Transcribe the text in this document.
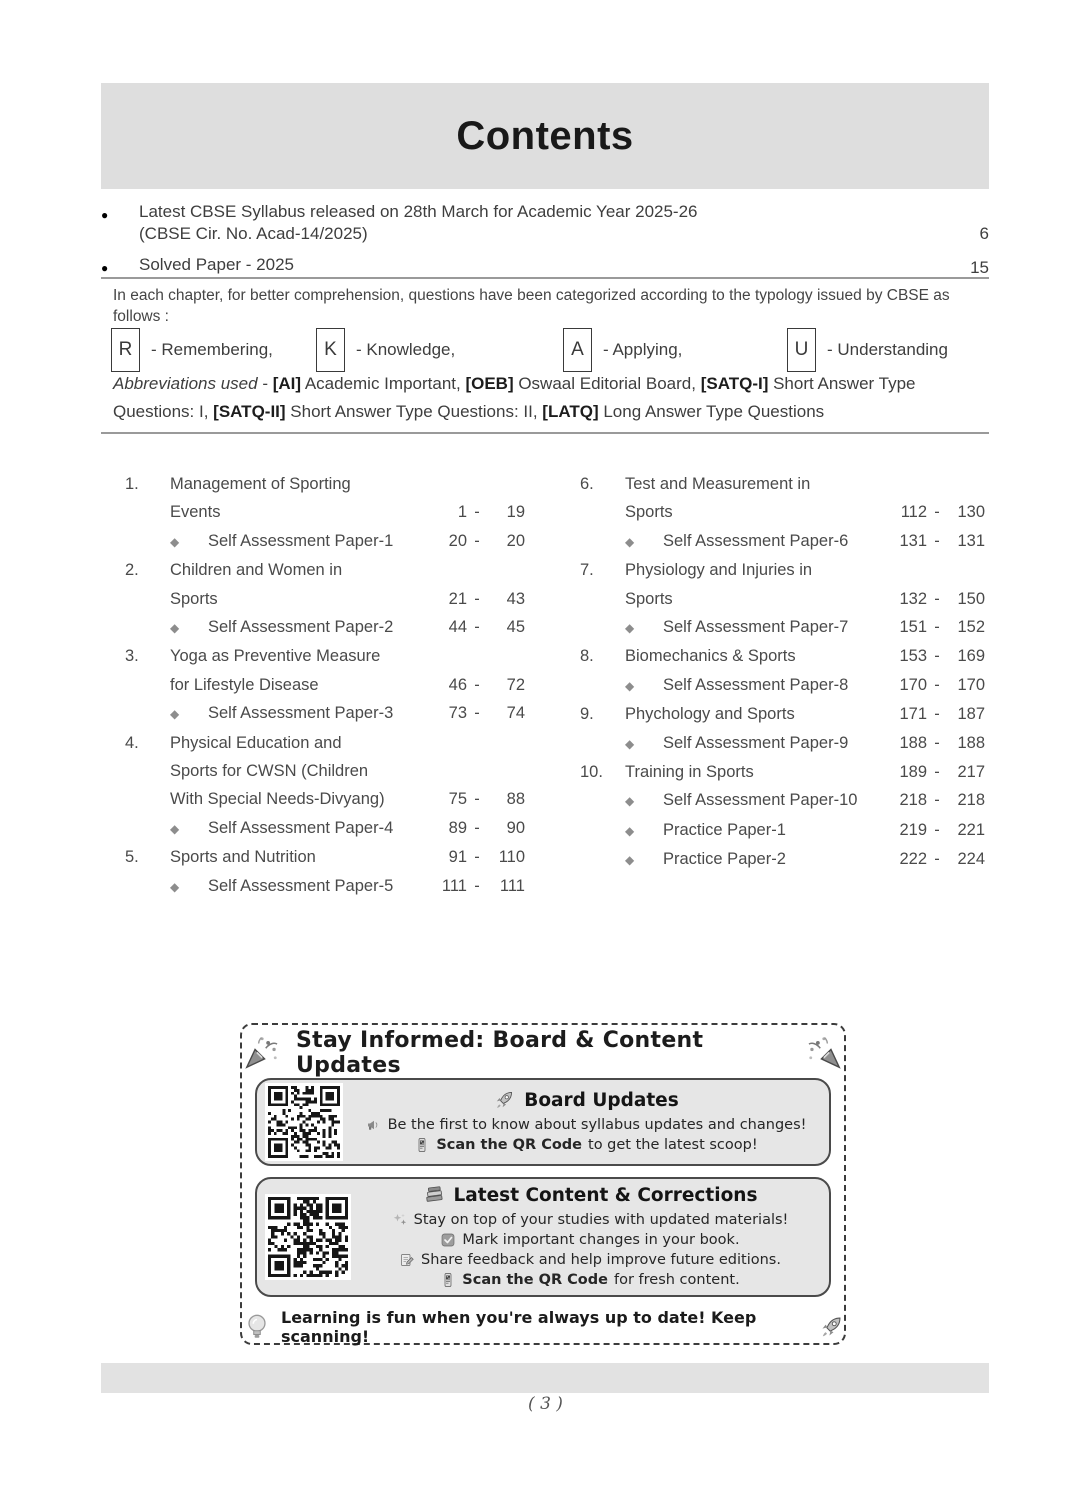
Contents
●	Latest CBSE Syllabus released on 28th March for Academic Year 2025-26
(CBSE Cir. No. Acad-14/2025)	6
●	Solved Paper - 2025	15

In each chapter, for better comprehension, questions have been categorized according to the typology issued by CBSE as follows :

R	- Remembering,	K	- Knowledge,	A	- Applying,	U	- Understanding

Abbreviations used - [AI] Academic Important, [OEB] Oswaal Editorial Board, [SATQ-I] Short Answer Type Questions: I, [SATQ-II] Short Answer Type Questions: II, [LATQ] Long Answer Type Questions

1.	Management of Sporting
Events	1 -	19
◆	Self Assessment Paper-1	20 -	20
2.	Children and Women in
Sports	21 -	43
◆	Self Assessment Paper-2	44 -	45
3.	Yoga as Preventive Measure
for Lifestyle Disease	46 -	72
◆	Self Assessment Paper-3	73 -	74
4.	Physical Education and
Sports for CWSN (Children
With Special Needs-Divyang)	75 -	88
◆	Self Assessment Paper-4	89 -	90
5.	Sports and Nutrition	91 -	110
◆	Self Assessment Paper-5	111 -	111
6.	Test and Measurement in
Sports	112 -	130
◆	Self Assessment Paper-6	131 -	131
7.	Physiology and Injuries in
Sports	132 -	150
◆	Self Assessment Paper-7	151 -	152
8.	Biomechanics & Sports	153 -	169
◆	Self Assessment Paper-8	170 -	170
9.	Phychology and Sports	171 -	187
◆	Self Assessment Paper-9	188 -	188
10.	Training in Sports	189 -	217
◆	Self Assessment Paper-10	218 -	218
◆	Practice Paper-1	219 -	221
◆	Practice Paper-2	222 -	224
Stay Informed: Board & Content Updates
Board Updates
Be the first to know about syllabus updates and changes!
Scan the QR Code to get the latest scoop!
Latest Content & Corrections
Stay on top of your studies with updated materials!
Mark important changes in your book.
Share feedback and help improve future editions.
Scan the QR Code for fresh content.
Learning is fun when you're always up to date! Keep scanning!
( 3 )
